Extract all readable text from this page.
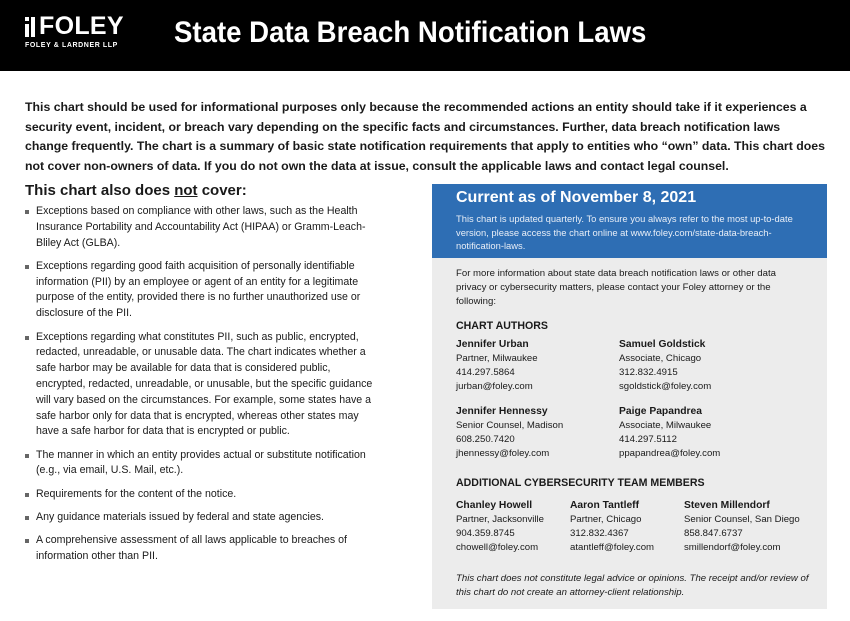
FOLEY
FOLEY & LARDNER LLP State Data Breach Notification Laws

This chart should be used for informational purposes only because the recommended actions an entity should take if it experiences a security event, incident, or breach vary depending on the specific facts and circumstances. Further, data breach notification laws change frequently. The chart is a summary of basic state notification requirements that apply to entities who “own” data. This chart does not cover non-owners of data. If you do not own the data at issue, consult the applicable laws and contact legal counsel.

This chart also does not cover:
Exceptions based on compliance with other laws, such as the Health Insurance Portability and Accountability Act (HIPAA) or Gramm-Leach-Bliley Act (GLBA).
Exceptions regarding good faith acquisition of personally identifiable information (PII) by an employee or agent of an entity for a legitimate purpose of the entity, provided there is no further unauthorized use or disclosure of the PII.
Exceptions regarding what constitutes PII, such as public, encrypted, redacted, unreadable, or unusable data. The chart indicates whether a safe harbor may be available for data that is considered public, encrypted, redacted, unreadable, or unusable, but the specific guidance will vary based on the circumstances. For example, some states have a safe harbor only for data that is encrypted, whereas other states may have a safe harbor for data that is encrypted or public.
The manner in which an entity provides actual or substitute notification (e.g., via email, U.S. Mail, etc.).
Requirements for the content of the notice.
Any guidance materials issued by federal and state agencies.
A comprehensive assessment of all laws applicable to breaches of information other than PII.
Current as of November 8, 2021
This chart is updated quarterly. To ensure you always refer to the most up-to-date version, please access the chart online at www.foley.com/state-data-breach-notification-laws.
For more information about state data breach notification laws or other data privacy or cybersecurity matters, please contact your Foley attorney or the following:
CHART AUTHORS
Jennifer Urban
Partner, Milwaukee
414.297.5864
jurban@foley.com
Samuel Goldstick
Associate, Chicago
312.832.4915
sgoldstick@foley.com
Jennifer Hennessy
Senior Counsel, Madison
608.250.7420
jhennessy@foley.com
Paige Papandrea
Associate, Milwaukee
414.297.5112
ppapandrea@foley.com
ADDITIONAL CYBERSECURITY TEAM MEMBERS
Chanley Howell
Partner, Jacksonville
904.359.8745
chowell@foley.com
Aaron Tantleff
Partner, Chicago
312.832.4367
atantleff@foley.com
Steven Millendorf
Senior Counsel, San Diego
858.847.6737
smillendorf@foley.com
This chart does not constitute legal advice or opinions. The receipt and/or review of this chart do not create an attorney-client relationship.
